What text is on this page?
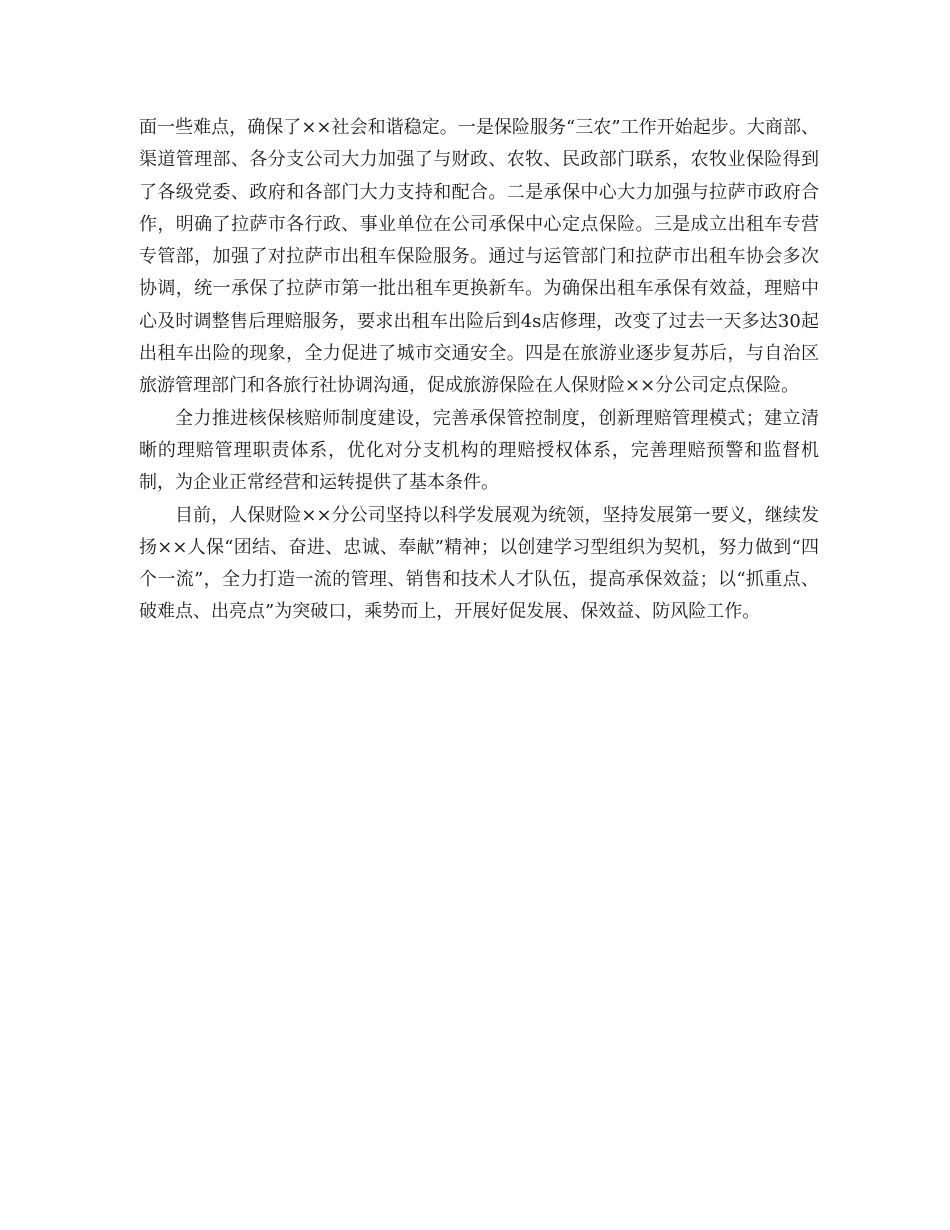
面一些难点，确保了××社会和谐稳定。一是保险服务“三农”工作开始起步。大商部、渠道管理部、各分支公司大力加强了与财政、农牧、民政部门联系，农牧业保险得到了各级党委、政府和各部门大力支持和配合。二是承保中心大力加强与拉萨市政府合作，明确了拉萨市各行政、事业单位在公司承保中心定点保险。三是成立出租车专营专管部，加强了对拉萨市出租车保险服务。通过与运管部门和拉萨市出租车协会多次协调，统一承保了拉萨市第一批出租车更换新车。为确保出租车承保有效益，理赔中心及时调整售后理赔服务，要求出租车出险后到4s店修理，改变了过去一天多达30起出租车出险的现象，全力促进了城市交通安全。四是在旅游业逐步复苏后，与自治区旅游管理部门和各旅行社协调沟通，促成旅游保险在人保财险××分公司定点保险。

全力推进核保核赔师制度建设，完善承保管控制度，创新理赔管理模式；建立清晰的理赔管理职责体系，优化对分支机构的理赔授权体系，完善理赔预警和监督机制，为企业正常经营和运转提供了基本条件。

目前，人保财险××分公司坚持以科学发展观为统领，坚持发展第一要义，继续发扬××人保“团结、奋进、忠诚、奉献”精神；以创建学习型组织为契机，努力做到“四个一流”，全力打造一流的管理、销售和技术人才队伍，提高承保效益；以“抓重点、破难点、出亮点”为突破口，乘势而上，开展好促发展、保效益、防风险工作。
